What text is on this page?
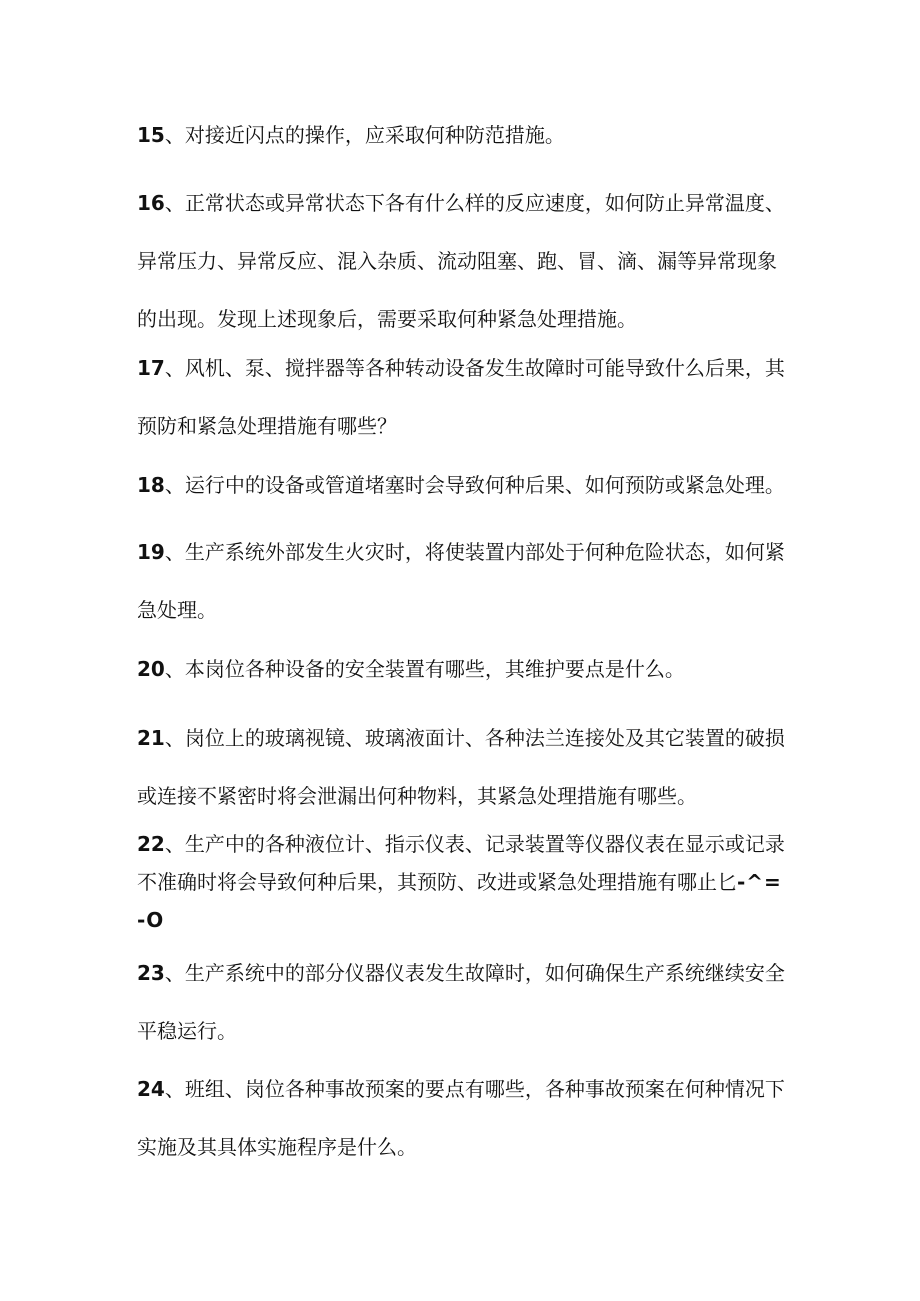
15、对接近闪点的操作，应采取何种防范措施。

16、正常状态或异常状态下各有什么样的反应速度，如何防止异常温度、异常压力、异常反应、混入杂质、流动阻塞、跑、冒、滴、漏等异常现象的出现。发现上述现象后，需要采取何种紧急处理措施。

17、风机、泵、搅拌器等各种转动设备发生故障时可能导致什么后果，其预防和紧急处理措施有哪些？

18、运行中的设备或管道堵塞时会导致何种后果、如何预防或紧急处理。

19、生产系统外部发生火灾时，将使装置内部处于何种危险状态，如何紧急处理。

20、本岗位各种设备的安全装置有哪些，其维护要点是什么。

21、岗位上的玻璃视镜、玻璃液面计、各种法兰连接处及其它装置的破损或连接不紧密时将会泄漏出何种物料，其紧急处理措施有哪些。

22、生产中的各种液位计、指示仪表、记录装置等仪器仪表在显示或记录不准确时将会导致何种后果，其预防、改进或紧急处理措施有哪止匕-^=-O

23、生产系统中的部分仪器仪表发生故障时，如何确保生产系统继续安全平稳运行。

24、班组、岗位各种事故预案的要点有哪些，各种事故预案在何种情况下实施及其具体实施程序是什么。
